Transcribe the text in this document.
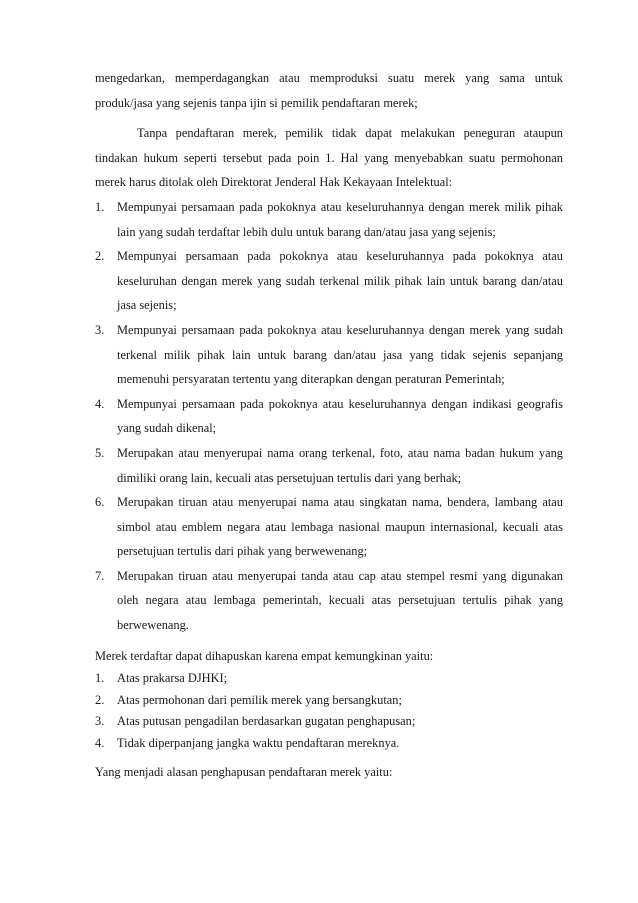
mengedarkan, memperdagangkan atau memproduksi suatu merek yang sama untuk produk/jasa yang sejenis tanpa ijin si pemilik pendaftaran merek;

Tanpa pendaftaran merek, pemilik tidak dapat melakukan peneguran ataupun tindakan hukum seperti tersebut pada poin 1. Hal yang menyebabkan suatu permohonan merek harus ditolak oleh Direktorat Jenderal Hak Kekayaan Intelektual:

1. Mempunyai persamaan pada pokoknya atau keseluruhannya dengan merek milik pihak lain yang sudah terdaftar lebih dulu untuk barang dan/atau jasa yang sejenis;
2. Mempunyai persamaan pada pokoknya atau keseluruhannya pada pokoknya atau keseluruhan dengan merek yang sudah terkenal milik pihak lain untuk barang dan/atau jasa sejenis;
3. Mempunyai persamaan pada pokoknya atau keseluruhannya dengan merek yang sudah terkenal milik pihak lain untuk barang dan/atau jasa yang tidak sejenis sepanjang memenuhi persyaratan tertentu yang diterapkan dengan peraturan Pemerintah;
4. Mempunyai persamaan pada pokoknya atau keseluruhannya dengan indikasi geografis yang sudah dikenal;
5. Merupakan atau menyerupai nama orang terkenal, foto, atau nama badan hukum yang dimiliki orang lain, kecuali atas persetujuan tertulis dari yang berhak;
6. Merupakan tiruan atau menyerupai nama atau singkatan nama, bendera, lambang atau simbol atau emblem negara atau lembaga nasional maupun internasional, kecuali atas persetujuan tertulis dari pihak yang berwewenang;
7. Merupakan tiruan atau menyerupai tanda atau cap atau stempel resmi yang digunakan oleh negara atau lembaga pemerintah, kecuali atas persetujuan tertulis pihak yang berwewenang.

Merek terdaftar dapat dihapuskan karena empat kemungkinan yaitu:

1. Atas prakarsa DJHKI;
2. Atas permohonan dari pemilik merek yang bersangkutan;
3. Atas putusan pengadilan berdasarkan gugatan penghapusan;
4. Tidak diperpanjang jangka waktu pendaftaran mereknya.

Yang menjadi alasan penghapusan pendaftaran merek yaitu:
